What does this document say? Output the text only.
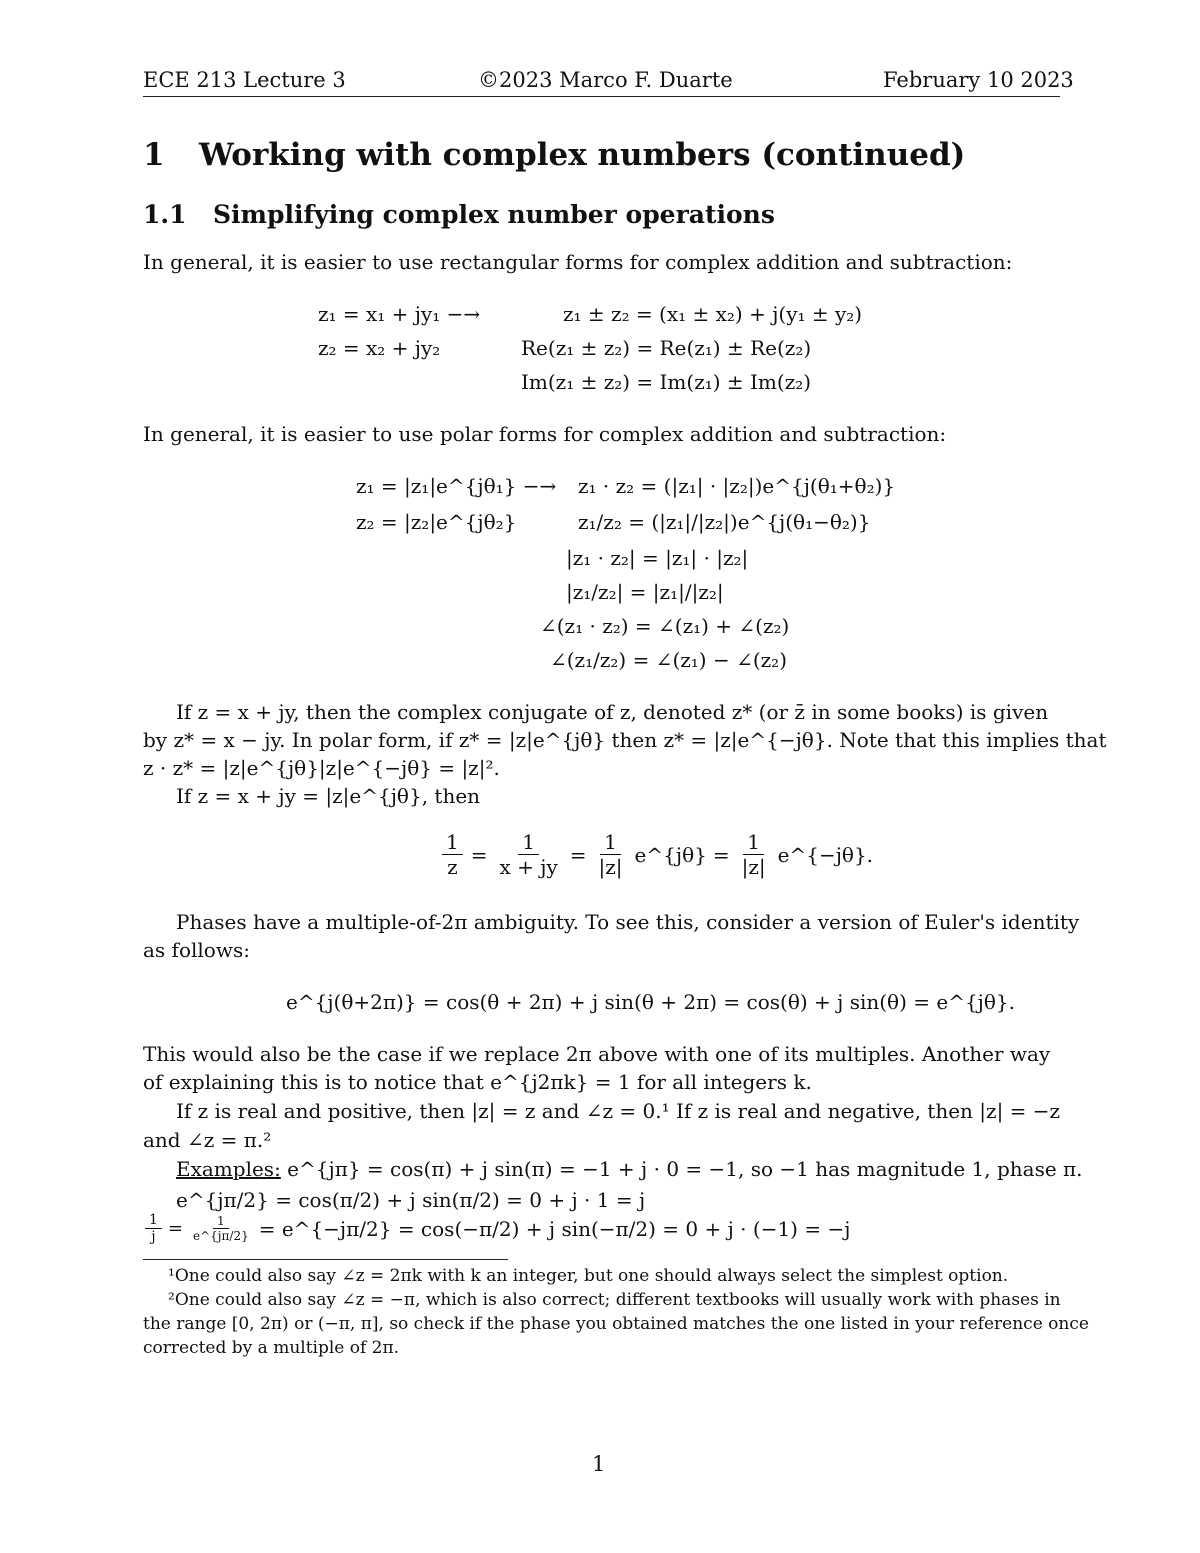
ECE 213 Lecture 3	©2023 Marco F. Duarte	February 10 2023
1 Working with complex numbers (continued)
1.1 Simplifying complex number operations
In general, it is easier to use rectangular forms for complex addition and subtraction:
z₁ = x₁ + jy₁ −→
z₂ = x₂ + jy₂
z₁ ± z₂ = (x₁ ± x₂) + j(y₁ ± y₂)
Re(z₁ ± z₂) = Re(z₁) ± Re(z₂)
Im(z₁ ± z₂) = Im(z₁) ± Im(z₂)
In general, it is easier to use polar forms for complex addition and subtraction:
z₁ = |z₁|e^{jθ₁} −→
z₂ = |z₂|e^{jθ₂}
z₁ · z₂ = (|z₁| · |z₂|)e^{j(θ₁+θ₂)}
z₁/z₂ = (|z₁|/|z₂|)e^{j(θ₁−θ₂)}
|z₁ · z₂| = |z₁| · |z₂|
|z₁/z₂| = |z₁|/|z₂|
∠(z₁ · z₂) = ∠(z₁) + ∠(z₂)
∠(z₁/z₂) = ∠(z₁) − ∠(z₂)
If z = x + jy, then the complex conjugate of z, denoted z* (or z̄ in some books) is given
by z* = x − jy. In polar form, if z* = |z|e^{jθ} then z* = |z|e^{−jθ}. Note that this implies that
z · z* = |z|e^{jθ}|z|e^{−jθ} = |z|².
If z = x + jy = |z|e^{jθ}, then
$\frac{1}{z} = \frac{1}{x + jy} = \frac{1}{|z|}$ e^{jθ} = $\frac{1}{|z|}$ e^{−jθ}.
Phases have a multiple-of-2π ambiguity. To see this, consider a version of Euler's identity
as follows:
e^{j(θ+2π)} = cos(θ + 2π) + j sin(θ + 2π) = cos(θ) + j sin(θ) = e^{jθ}.
This would also be the case if we replace 2π above with one of its multiples. Another way
of explaining this is to notice that e^{j2πk} = 1 for all integers k.
If z is real and positive, then |z| = z and ∠z = 0.¹ If z is real and negative, then |z| = −z
and ∠z = π.²
Examples: e^{jπ} = cos(π) + j sin(π) = −1 + j · 0 = −1, so −1 has magnitude 1, phase π.
e^{jπ/2} = cos(π/2) + j sin(π/2) = 0 + j · 1 = j
$\frac{1}{j} = \frac{1}{e\^{}\{j\pi/2\}}$ = e^{−jπ/2} = cos(−π/2) + j sin(−π/2) = 0 + j · (−1) = −j
¹One could also say ∠z = 2πk with k an integer, but one should always select the simplest option.
²One could also say ∠z = −π, which is also correct; different textbooks will usually work with phases in
the range [0, 2π) or (−π, π], so check if the phase you obtained matches the one listed in your reference once
corrected by a multiple of 2π.
1
